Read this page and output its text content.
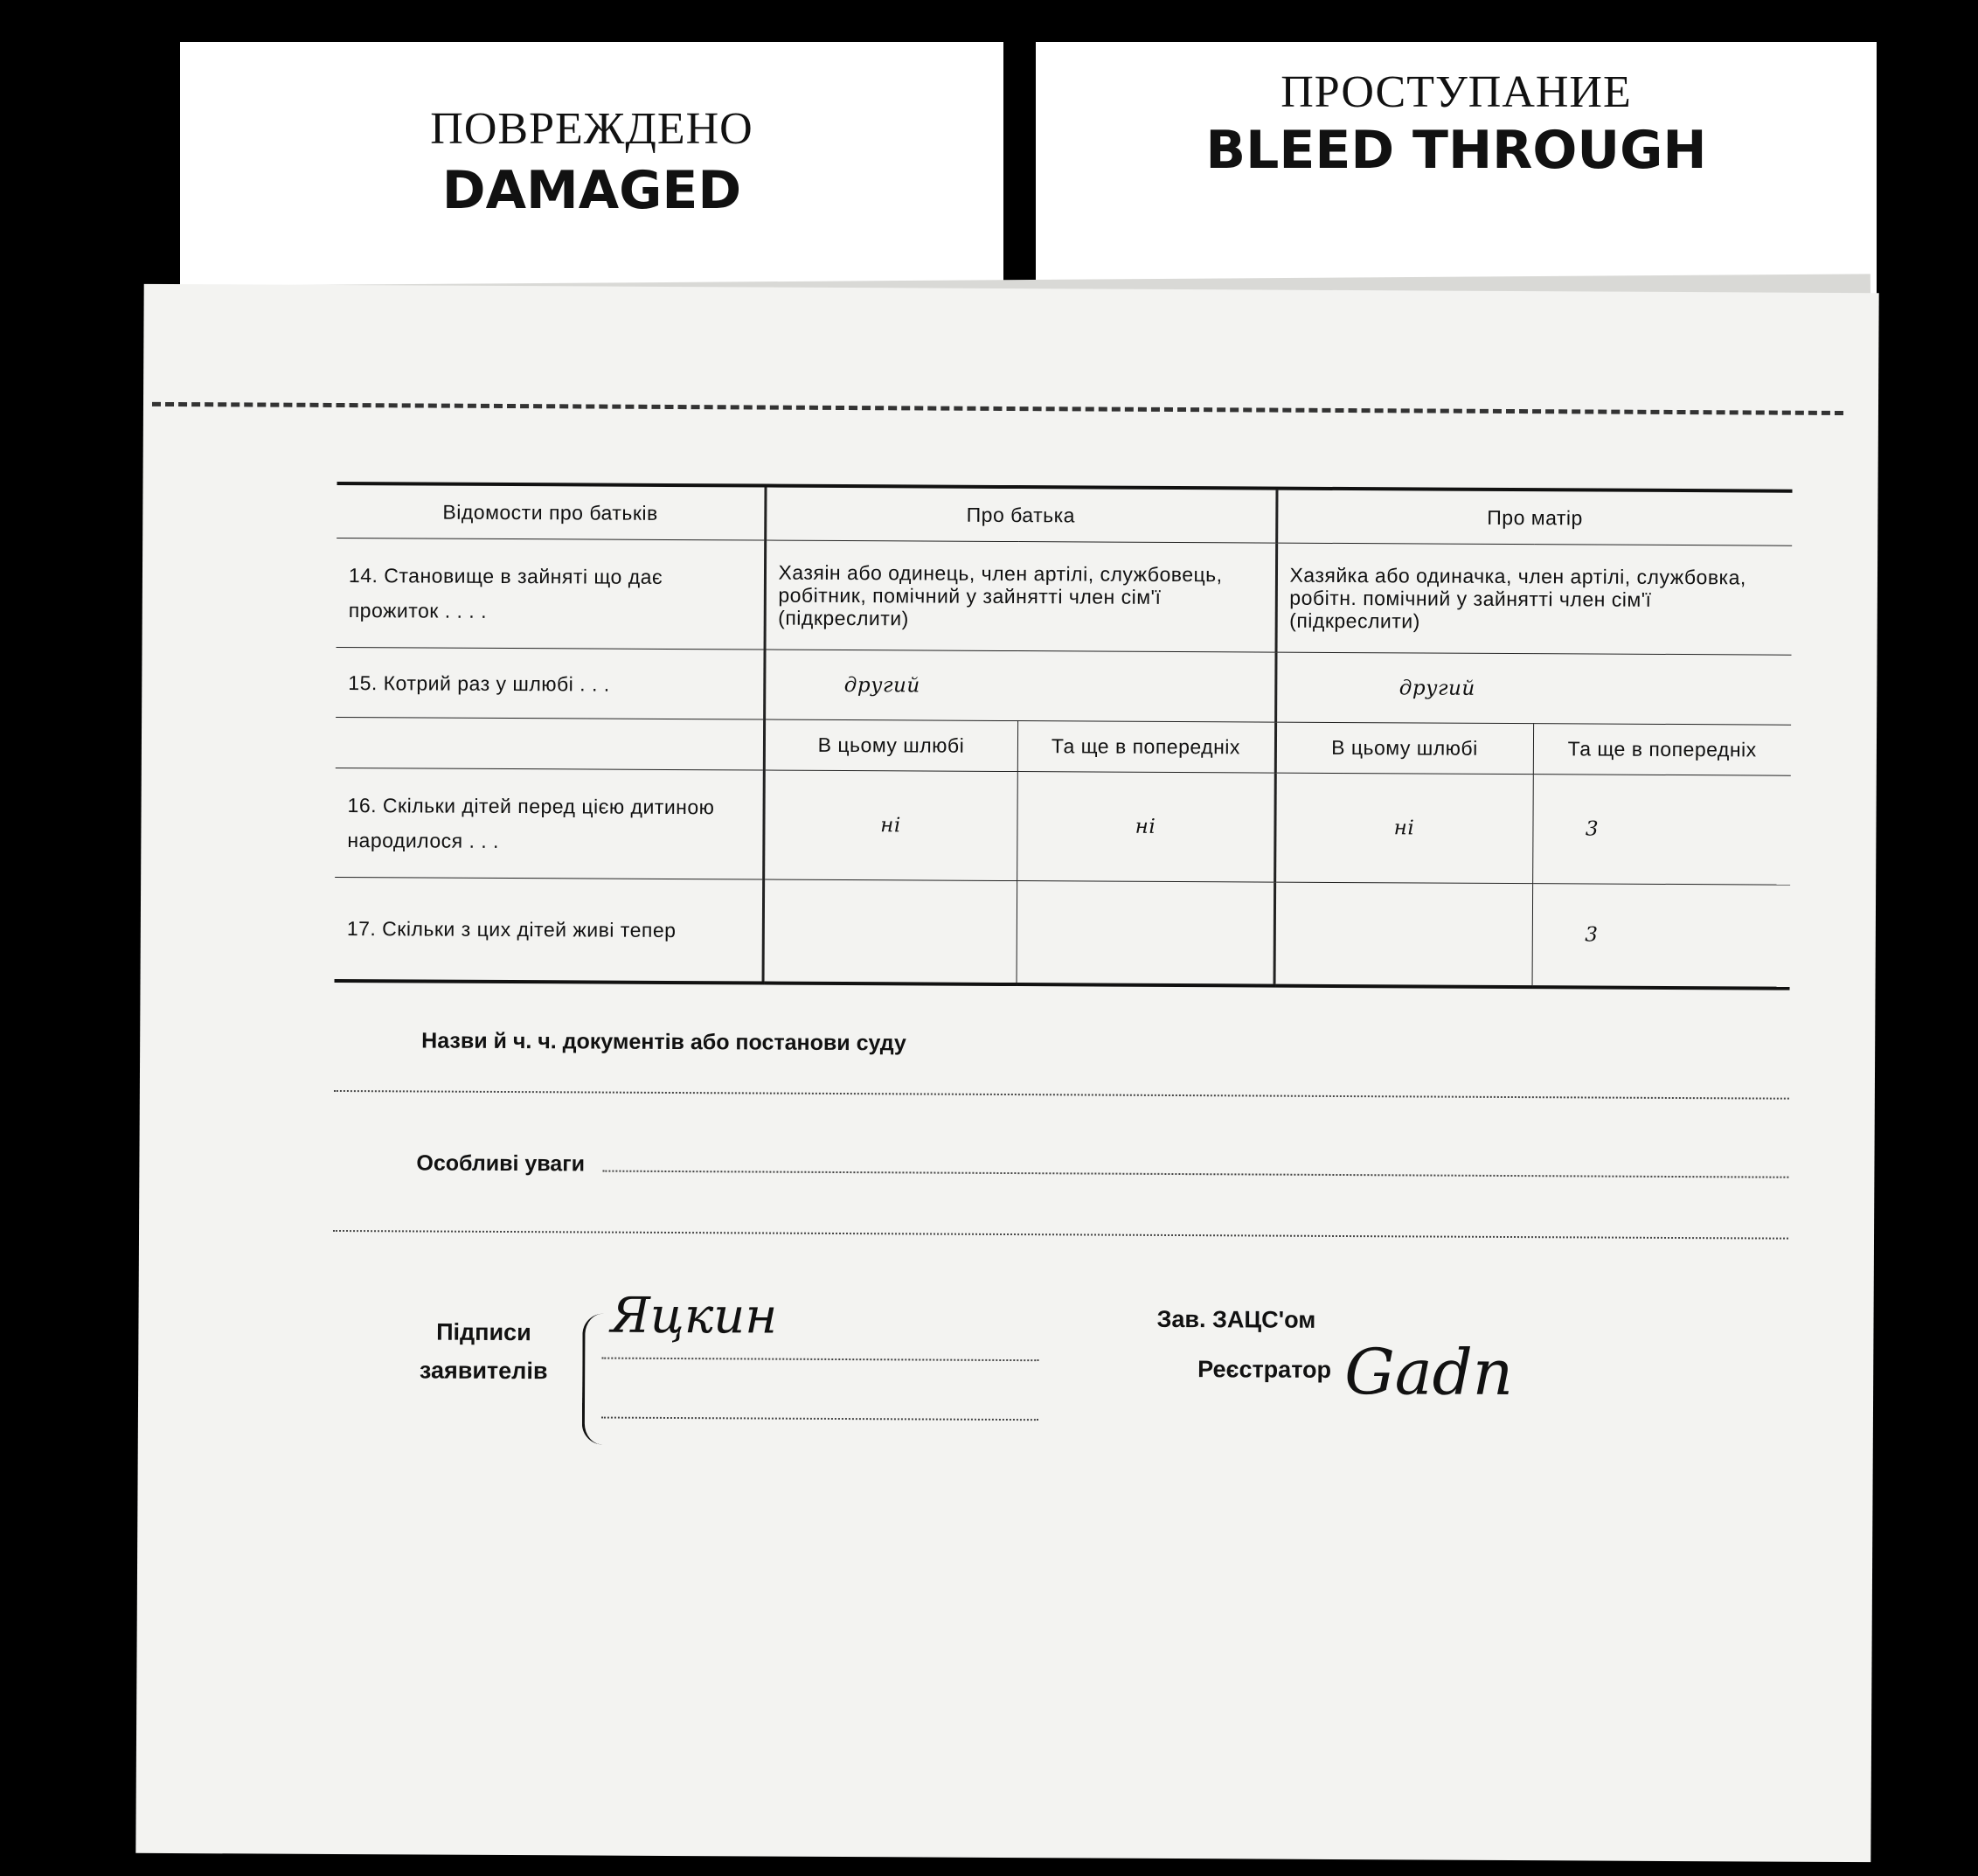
ПОВРЕЖДЕНО
DAMAGED
ПРОСТУПАНИЕ
BLEED THROUGH
Відомости про батьків	Про батька		Про матір	
14. Становище в зайняті що дає прожиток . . . .	Хазяін або одинець, член артілі, службовець, робітник, помічний у зайнятті член сім'ї (підкреслити)		Хазяйка або одиначка, член артілі, службовка, робітн. помічний у зайнятті член сім'ї (підкреслити)	
15. Котрий раз у шлюбі . . .	другий		другий	
	В цьому шлюбі	Та ще в попередніх	В цьому шлюбі	Та ще в попередніх
16. Скільки дітей перед цією дитиною народилося . . .	ні	ні	ні	3
17. Скільки з цих дітей живі тепер				3
Назви й ч. ч. документів або постанови суду
Особливі уваги
Підписи заявителів
Яцкин	Зав. ЗАЦС'ом
Реєстратор Gadn
